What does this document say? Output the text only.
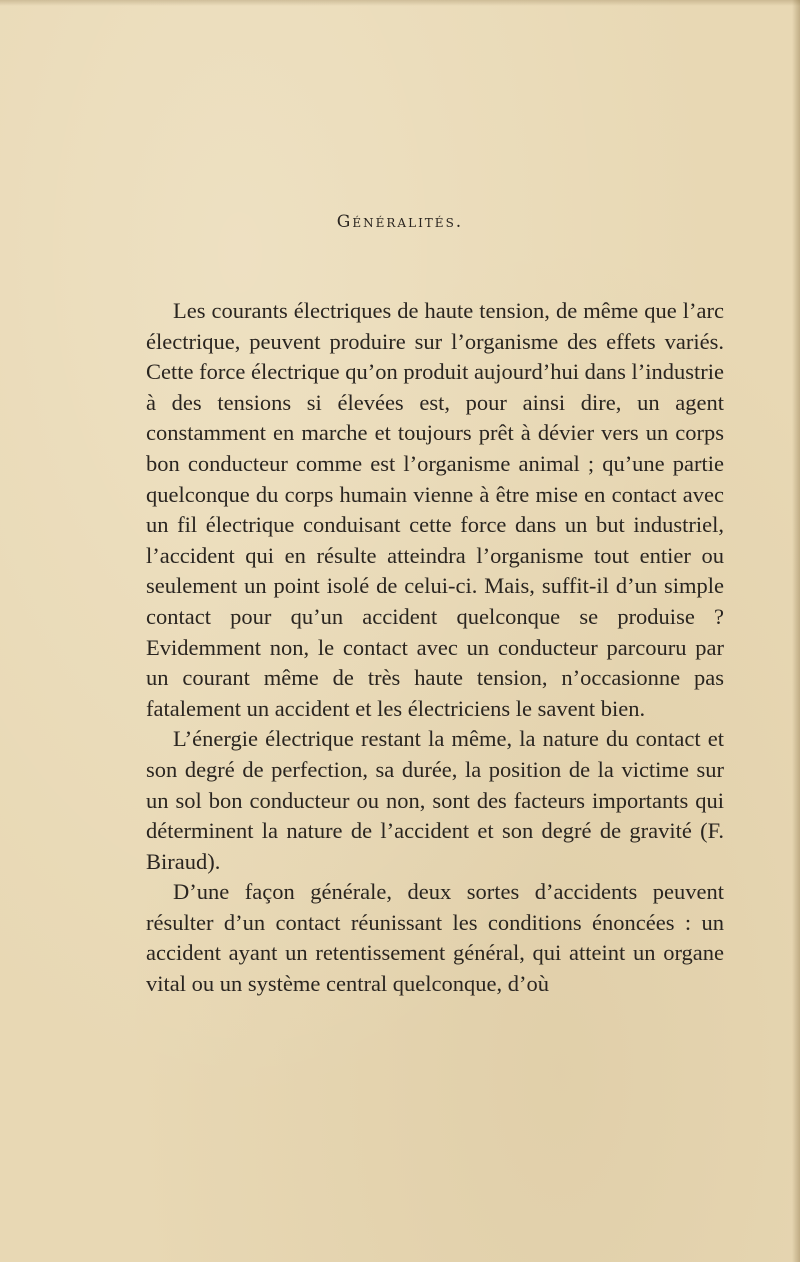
Généralités.

Les courants électriques de haute tension, de même que l’arc électrique, peuvent produire sur l’organisme des effets variés. Cette force électrique qu’on produit aujourd’hui dans l’industrie à des tensions si élevées est, pour ainsi dire, un agent constamment en marche et toujours prêt à dévier vers un corps bon conducteur comme est l’organisme animal ; qu’une partie quelconque du corps humain vienne à être mise en contact avec un fil électrique conduisant cette force dans un but industriel, l’accident qui en résulte atteindra l’organisme tout entier ou seulement un point isolé de celui-ci. Mais, suffit-il d’un simple contact pour qu’un accident quelconque se produise ? Evidemment non, le contact avec un conducteur parcouru par un courant même de très haute tension, n’occasionne pas fatalement un accident et les électriciens le savent bien.

L’énergie électrique restant la même, la nature du contact et son degré de perfection, sa durée, la position de la victime sur un sol bon conducteur ou non, sont des facteurs importants qui déterminent la nature de l’accident et son degré de gravité (F. Biraud).

D’une façon générale, deux sortes d’accidents peuvent résulter d’un contact réunissant les conditions énoncées : un accident ayant un retentissement général, qui atteint un organe vital ou un système central quelconque, d’où
